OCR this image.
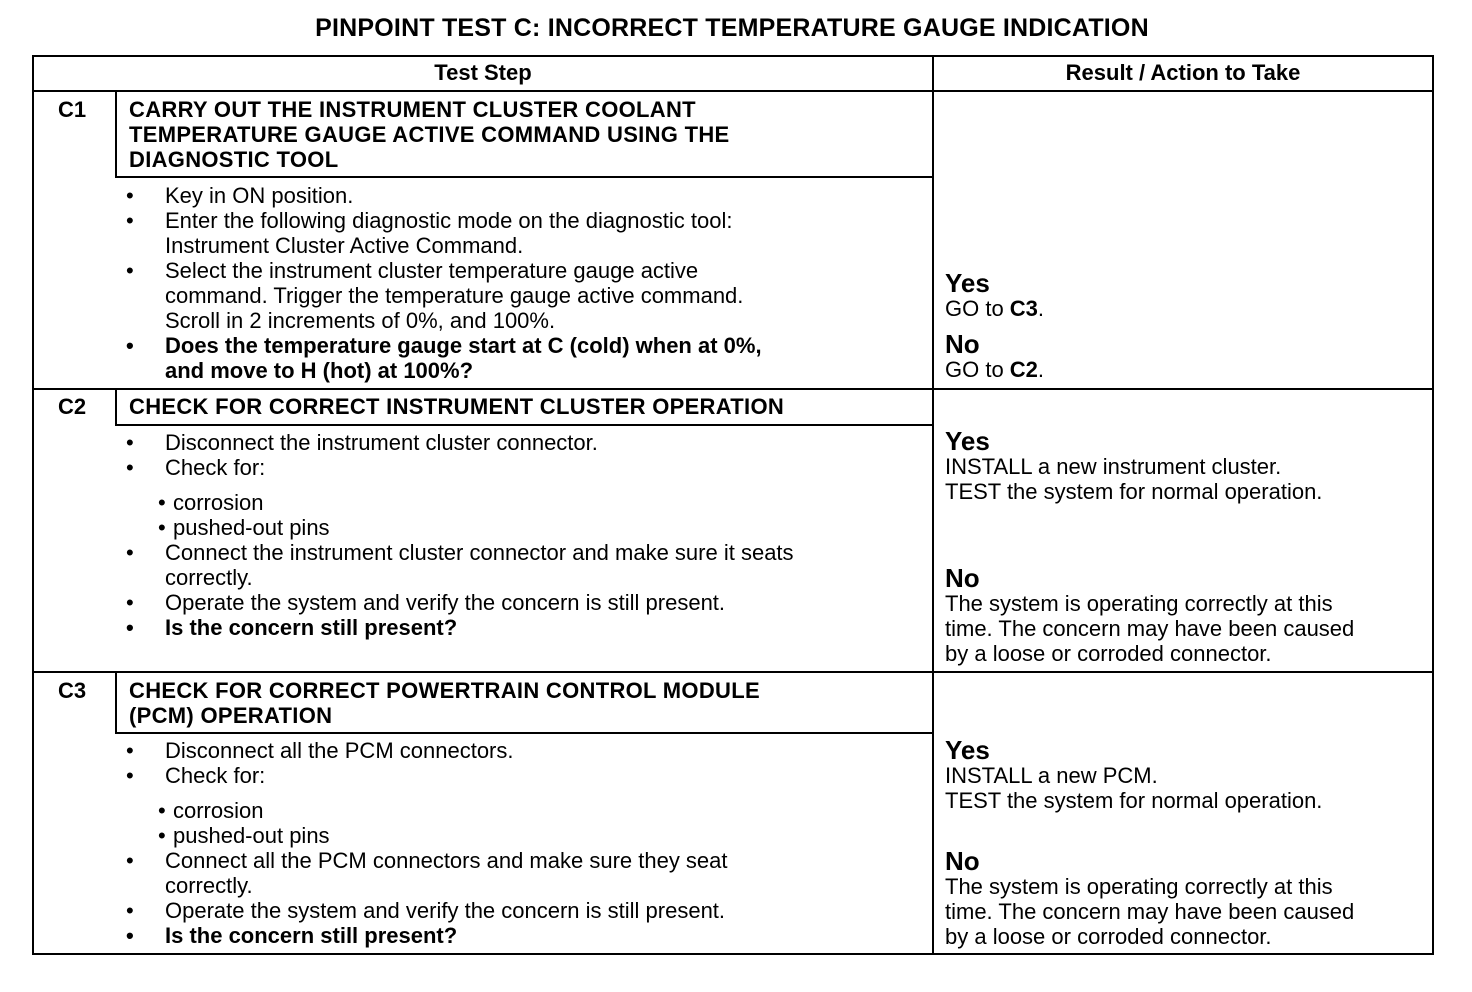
PINPOINT TEST C: INCORRECT TEMPERATURE GAUGE INDICATION
Test Step	Result / Action to Take
C1 CARRY OUT THE INSTRUMENT CLUSTER COOLANT
TEMPERATURE GAUGE ACTIVE COMMAND USING THE
DIAGNOSTIC TOOL
• Key in ON position.
• Enter the following diagnostic mode on the diagnostic tool:
Instrument Cluster Active Command.
• Select the instrument cluster temperature gauge active
command. Trigger the temperature gauge active command.
Scroll in 2 increments of 0%, and 100%.
• Does the temperature gauge start at C (cold) when at 0%,
and move to H (hot) at 100%?
Yes
GO to C3.
No
GO to C2.
C2 CHECK FOR CORRECT INSTRUMENT CLUSTER OPERATION
• Disconnect the instrument cluster connector.
• Check for:
• corrosion
• pushed-out pins
• Connect the instrument cluster connector and make sure it seats
correctly.
• Operate the system and verify the concern is still present.
• Is the concern still present?
Yes
INSTALL a new instrument cluster.
TEST the system for normal operation.
No
The system is operating correctly at this
time. The concern may have been caused
by a loose or corroded connector.
C3 CHECK FOR CORRECT POWERTRAIN CONTROL MODULE
(PCM) OPERATION
• Disconnect all the PCM connectors.
• Check for:
• corrosion
• pushed-out pins
• Connect all the PCM connectors and make sure they seat
correctly.
• Operate the system and verify the concern is still present.
• Is the concern still present?
Yes
INSTALL a new PCM.
TEST the system for normal operation.
No
The system is operating correctly at this
time. The concern may have been caused
by a loose or corroded connector.
